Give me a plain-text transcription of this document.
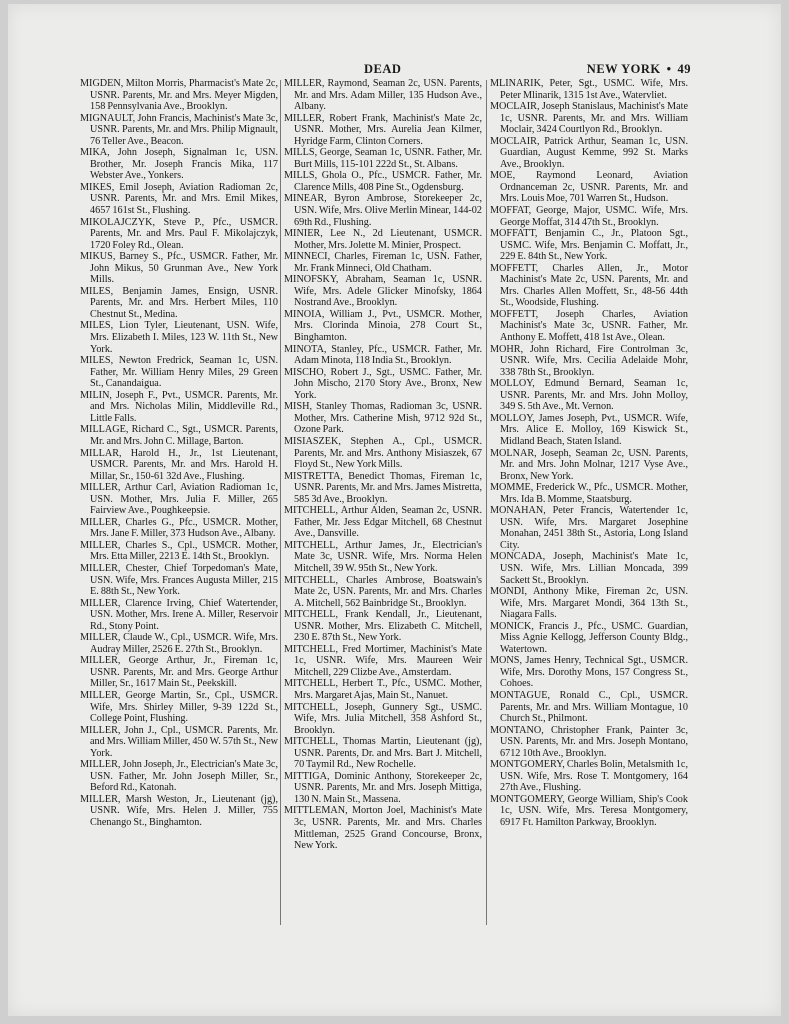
DEAD	NEW YORK • 49

MIGDEN, Milton Morris, Pharmacist's Mate 2c, USNR. Parents, Mr. and Mrs. Meyer Migden, 158 Pennsylvania Ave., Brooklyn.

MIGNAULT, John Francis, Machinist's Mate 3c, USNR. Parents, Mr. and Mrs. Philip Mignault, 76 Teller Ave., Beacon.

MIKA, John Joseph, Signalman 1c, USN. Brother, Mr. Joseph Francis Mika, 117 Webster Ave., Yonkers.

MIKES, Emil Joseph, Aviation Radioman 2c, USNR. Parents, Mr. and Mrs. Emil Mikes, 4657 161st St., Flushing.

MIKOLAJCZYK, Steve P., Pfc., USMCR. Parents, Mr. and Mrs. Paul F. Mikolajczyk, 1720 Foley Rd., Olean.

MIKUS, Barney S., Pfc., USMCR. Father, Mr. John Mikus, 50 Grunman Ave., New York Mills.

MILES, Benjamin James, Ensign, USNR. Parents, Mr. and Mrs. Herbert Miles, 110 Chestnut St., Medina.

MILES, Lion Tyler, Lieutenant, USN. Wife, Mrs. Elizabeth I. Miles, 123 W. 11th St., New York.

MILES, Newton Fredrick, Seaman 1c, USN. Father, Mr. William Henry Miles, 29 Green St., Canandaigua.

MILIN, Joseph F., Pvt., USMCR. Parents, Mr. and Mrs. Nicholas Milin, Middleville Rd., Little Falls.

MILLAGE, Richard C., Sgt., USMCR. Parents, Mr. and Mrs. John C. Millage, Barton.

MILLAR, Harold H., Jr., 1st Lieutenant, USMCR. Parents, Mr. and Mrs. Harold H. Millar, Sr., 150-61 32d Ave., Flushing.

MILLER, Arthur Carl, Aviation Radioman 1c, USN. Mother, Mrs. Julia F. Miller, 265 Fairview Ave., Poughkeepsie.

MILLER, Charles G., Pfc., USMCR. Mother, Mrs. Jane F. Miller, 373 Hudson Ave., Albany.

MILLER, Charles S., Cpl., USMCR. Mother, Mrs. Etta Miller, 2213 E. 14th St., Brooklyn.

MILLER, Chester, Chief Torpedoman's Mate, USN. Wife, Mrs. Frances Augusta Miller, 215 E. 88th St., New York.

MILLER, Clarence Irving, Chief Watertender, USN. Mother, Mrs. Irene A. Miller, Reservoir Rd., Stony Point.

MILLER, Claude W., Cpl., USMCR. Wife, Mrs. Audray Miller, 2526 E. 27th St., Brooklyn.

MILLER, George Arthur, Jr., Fireman 1c, USNR. Parents, Mr. and Mrs. George Arthur Miller, Sr., 1617 Main St., Peekskill.

MILLER, George Martin, Sr., Cpl., USMCR. Wife, Mrs. Shirley Miller, 9-39 122d St., College Point, Flushing.

MILLER, John J., Cpl., USMCR. Parents, Mr. and Mrs. William Miller, 450 W. 57th St., New York.

MILLER, John Joseph, Jr., Electrician's Mate 3c, USN. Father, Mr. John Joseph Miller, Sr., Beford Rd., Katonah.

MILLER, Marsh Weston, Jr., Lieutenant (jg), USNR. Wife, Mrs. Helen J. Miller, 755 Chenango St., Binghamton.

MILLER, Raymond, Seaman 2c, USN. Parents, Mr. and Mrs. Adam Miller, 135 Hudson Ave., Albany.

MILLER, Robert Frank, Machinist's Mate 2c, USNR. Mother, Mrs. Aurelia Jean Kilmer, Hyridge Farm, Clinton Corners.

MILLS, George, Seaman 1c, USNR. Father, Mr. Burt Mills, 115-101 222d St., St. Albans.

MILLS, Ghola O., Pfc., USMCR. Father, Mr. Clarence Mills, 408 Pine St., Ogdensburg.

MINEAR, Byron Ambrose, Storekeeper 2c, USN. Wife, Mrs. Olive Merlin Minear, 144-02 69th Rd., Flushing.

MINIER, Lee N., 2d Lieutenant, USMCR. Mother, Mrs. Jolette M. Minier, Prospect.

MINNECI, Charles, Fireman 1c, USN. Father, Mr. Frank Minneci, Old Chatham.

MINOFSKY, Abraham, Seaman 1c, USNR. Wife, Mrs. Adele Glicker Minofsky, 1864 Nostrand Ave., Brooklyn.

MINOIA, William J., Pvt., USMCR. Mother, Mrs. Clorinda Minoia, 278 Court St., Binghamton.

MINOTA, Stanley, Pfc., USMCR. Father, Mr. Adam Minota, 118 India St., Brooklyn.

MISCHO, Robert J., Sgt., USMC. Father, Mr. John Mischo, 2170 Story Ave., Bronx, New York.

MISH, Stanley Thomas, Radioman 3c, USNR. Mother, Mrs. Catherine Mish, 9712 92d St., Ozone Park.

MISIASZEK, Stephen A., Cpl., USMCR. Parents, Mr. and Mrs. Anthony Misiaszek, 67 Floyd St., New York Mills.

MISTRETTA, Benedict Thomas, Fireman 1c, USNR. Parents, Mr. and Mrs. James Mistretta, 585 3d Ave., Brooklyn.

MITCHELL, Arthur Alden, Seaman 2c, USNR. Father, Mr. Jess Edgar Mitchell, 68 Chestnut Ave., Dansville.

MITCHELL, Arthur James, Jr., Electrician's Mate 3c, USNR. Wife, Mrs. Norma Helen Mitchell, 39 W. 95th St., New York.

MITCHELL, Charles Ambrose, Boatswain's Mate 2c, USN. Parents, Mr. and Mrs. Charles A. Mitchell, 562 Bainbridge St., Brooklyn.

MITCHELL, Frank Kendall, Jr., Lieutenant, USNR. Mother, Mrs. Elizabeth C. Mitchell, 230 E. 87th St., New York.

MITCHELL, Fred Mortimer, Machinist's Mate 1c, USNR. Wife, Mrs. Maureen Weir Mitchell, 229 Clizbe Ave., Amsterdam.

MITCHELL, Herbert T., Pfc., USMC. Mother, Mrs. Margaret Ajas, Main St., Nanuet.

MITCHELL, Joseph, Gunnery Sgt., USMC. Wife, Mrs. Julia Mitchell, 358 Ashford St., Brooklyn.

MITCHELL, Thomas Martin, Lieutenant (jg), USNR. Parents, Dr. and Mrs. Bart J. Mitchell, 70 Taymil Rd., New Rochelle.

MITTIGA, Dominic Anthony, Storekeeper 2c, USNR. Parents, Mr. and Mrs. Joseph Mittiga, 130 N. Main St., Massena.

MITTLEMAN, Morton Joel, Machinist's Mate 3c, USNR. Parents, Mr. and Mrs. Charles Mittleman, 2525 Grand Concourse, Bronx, New York.

MLINARIK, Peter, Sgt., USMC. Wife, Mrs. Peter Mlinarik, 1315 1st Ave., Watervliet.

MOCLAIR, Joseph Stanislaus, Machinist's Mate 1c, USNR. Parents, Mr. and Mrs. William Moclair, 3424 Courtlyon Rd., Brooklyn.

MOCLAIR, Patrick Arthur, Seaman 1c, USN. Guardian, August Kemme, 992 St. Marks Ave., Brooklyn.

MOE, Raymond Leonard, Aviation Ordnanceman 2c, USNR. Parents, Mr. and Mrs. Louis Moe, 701 Warren St., Hudson.

MOFFAT, George, Major, USMC. Wife, Mrs. George Moffat, 314 47th St., Brooklyn.

MOFFATT, Benjamin C., Jr., Platoon Sgt., USMC. Wife, Mrs. Benjamin C. Moffatt, Jr., 229 E. 84th St., New York.

MOFFETT, Charles Allen, Jr., Motor Machinist's Mate 2c, USN. Parents, Mr. and Mrs. Charles Allen Moffett, Sr., 48-56 44th St., Woodside, Flushing.

MOFFETT, Joseph Charles, Aviation Machinist's Mate 3c, USNR. Father, Mr. Anthony E. Moffett, 418 1st Ave., Olean.

MOHR, John Richard, Fire Controlman 3c, USNR. Wife, Mrs. Cecilia Adelaide Mohr, 338 78th St., Brooklyn.

MOLLOY, Edmund Bernard, Seaman 1c, USNR. Parents, Mr. and Mrs. John Molloy, 349 S. 5th Ave., Mt. Vernon.

MOLLOY, James Joseph, Pvt., USMCR. Wife, Mrs. Alice E. Molloy, 169 Kiswick St., Midland Beach, Staten Island.

MOLNAR, Joseph, Seaman 2c, USN. Parents, Mr. and Mrs. John Molnar, 1217 Vyse Ave., Bronx, New York.

MOMME, Frederick W., Pfc., USMCR. Mother, Mrs. Ida B. Momme, Staatsburg.

MONAHAN, Peter Francis, Watertender 1c, USN. Wife, Mrs. Margaret Josephine Monahan, 2451 38th St., Astoria, Long Island City.

MONCADA, Joseph, Machinist's Mate 1c, USN. Wife, Mrs. Lillian Moncada, 399 Sackett St., Brooklyn.

MONDI, Anthony Mike, Fireman 2c, USN. Wife, Mrs. Margaret Mondi, 364 13th St., Niagara Falls.

MONICK, Francis J., Pfc., USMC. Guardian, Miss Agnie Kellogg, Jefferson County Bldg., Watertown.

MONS, James Henry, Technical Sgt., USMCR. Wife, Mrs. Dorothy Mons, 157 Congress St., Cohoes.

MONTAGUE, Ronald C., Cpl., USMCR. Parents, Mr. and Mrs. William Montague, 10 Church St., Philmont.

MONTANO, Christopher Frank, Painter 3c, USN. Parents, Mr. and Mrs. Joseph Montano, 6712 10th Ave., Brooklyn.

MONTGOMERY, Charles Bolin, Metalsmith 1c, USN. Wife, Mrs. Rose T. Montgomery, 164 27th Ave., Flushing.

MONTGOMERY, George William, Ship's Cook 1c, USN. Wife, Mrs. Teresa Montgomery, 6917 Ft. Hamilton Parkway, Brooklyn.
